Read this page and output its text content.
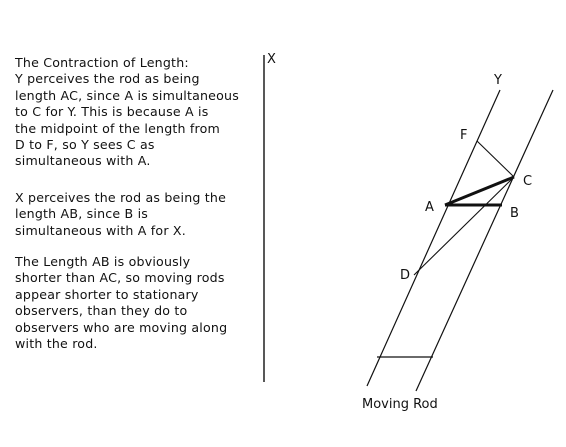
The Contraction of Length:
Y perceives the rod as being
length AC, since A is simultaneous
to C for Y. This is because A is
the midpoint of the length from
D to F, so Y sees C as
simultaneous with A.
X perceives the rod as being the
length AB, since B is
simultaneous with A for X.
The Length AB is obviously
shorter than AC, so moving rods
appear shorter to stationary
observers, than they do to
observers who are moving along
with the rod.
X
Y
F
C
A	B
D
Moving Rod
